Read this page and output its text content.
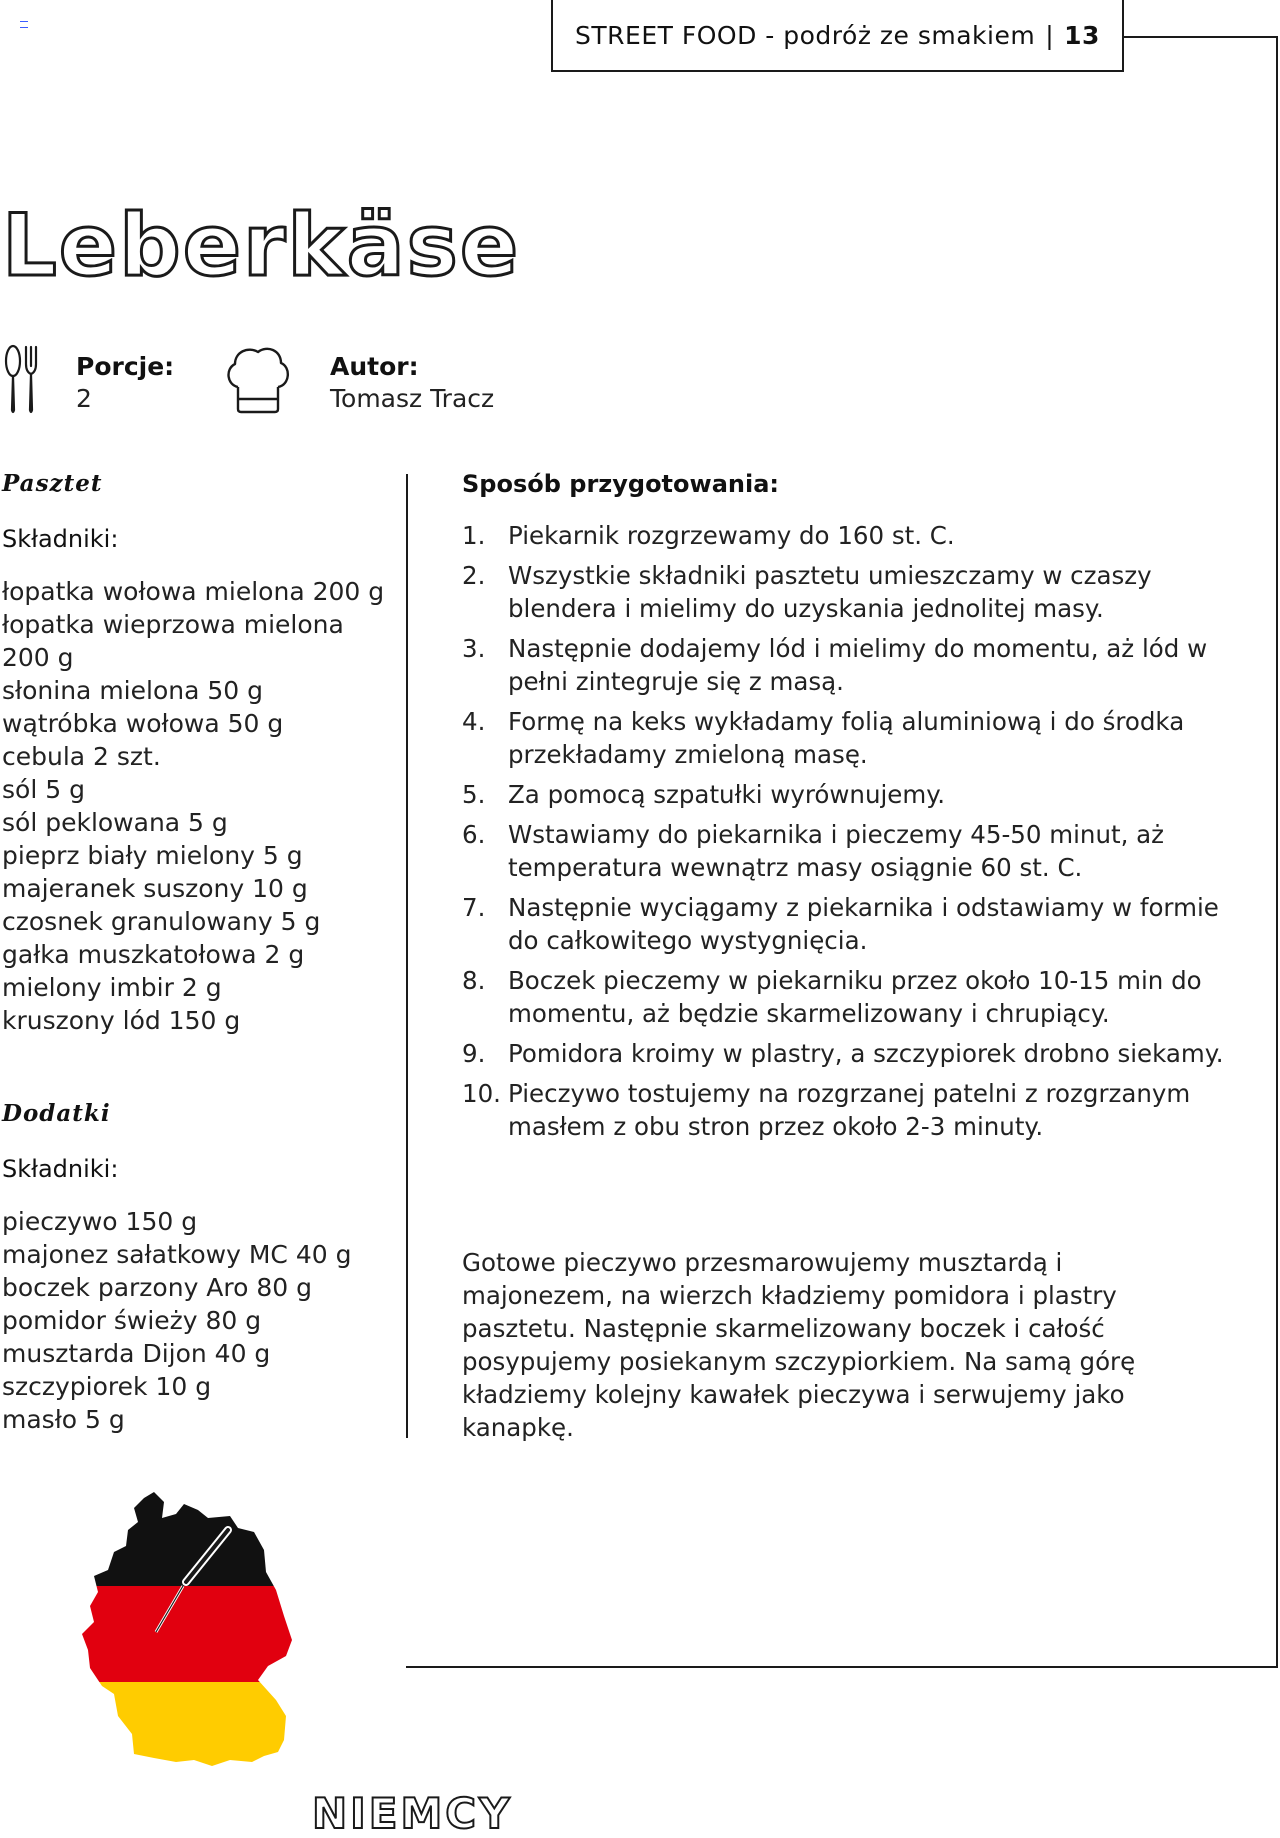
STREET FOOD - podróż ze smakiem | 13
Leberkäse
Porcje:
2
Autor:
Tomasz Tracz
Pasztet
Składniki:
łopatka wołowa mielona 200 g
łopatka wieprzowa mielona
200 g
słonina mielona 50 g
wątróbka wołowa 50 g
cebula 2 szt.
sól 5 g
sól peklowana 5 g
pieprz biały mielony 5 g
majeranek suszony 10 g
czosnek granulowany 5 g
gałka muszkatołowa 2 g
mielony imbir 2 g
kruszony lód 150 g
Dodatki
Składniki:
pieczywo 150 g
majonez sałatkowy MC 40 g
boczek parzony Aro 80 g
pomidor świeży 80 g
musztarda Dijon 40 g
szczypiorek 10 g
masło 5 g
Sposób przygotowania:
1. Piekarnik rozgrzewamy do 160 st. C.
2. Wszystkie składniki pasztetu umieszczamy w czaszy blendera i mielimy do uzyskania jednolitej masy.
3. Następnie dodajemy lód i mielimy do momentu, aż lód w pełni zintegruje się z masą.
4. Formę na keks wykładamy folią aluminiową i do środka przekładamy zmieloną masę.
5. Za pomocą szpatułki wyrównujemy.
6. Wstawiamy do piekarnika i pieczemy 45-50 minut, aż temperatura wewnątrz masy osiągnie 60 st. C.
7. Następnie wyciągamy z piekarnika i odstawiamy w formie do całkowitego wystygnięcia.
8. Boczek pieczemy w piekarniku przez około 10-15 min do momentu, aż będzie skarmelizowany i chrupiący.
9. Pomidora kroimy w plastry, a szczypiorek drobno siekamy.
10. Pieczywo tostujemy na rozgrzanej patelni z rozgrzanym masłem z obu stron przez około 2-3 minuty.

Gotowe pieczywo przesmarowujemy musztardą i majonezem, na wierzch kładziemy pomidora i plastry pasztetu. Następnie skarmelizowany boczek i całość posypujemy posiekanym szczypiorkiem. Na samą górę kładziemy kolejny kawałek pieczywa i serwujemy jako kanapkę.

NIEMCY
